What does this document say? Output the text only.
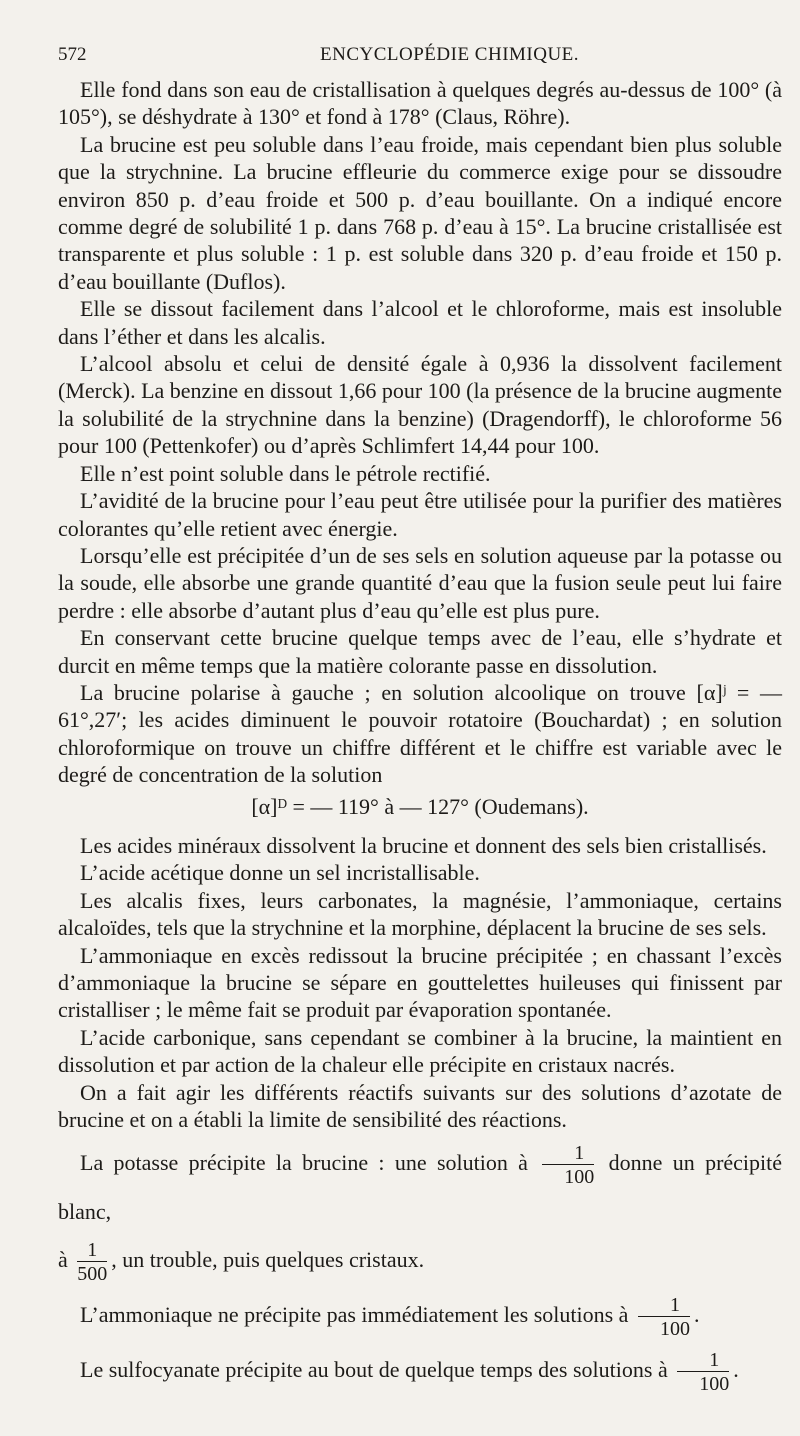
572	ENCYCLOPÉDIE CHIMIQUE.

Elle fond dans son eau de cristallisation à quelques degrés au-dessus de 100° (à 105°), se déshydrate à 130° et fond à 178° (Claus, Röhre).

La brucine est peu soluble dans l’eau froide, mais cependant bien plus soluble que la strychnine. La brucine effleurie du commerce exige pour se dissoudre environ 850 p. d’eau froide et 500 p. d’eau bouillante. On a indiqué encore comme degré de solubilité 1 p. dans 768 p. d’eau à 15°. La brucine cristallisée est transparente et plus soluble : 1 p. est soluble dans 320 p. d’eau froide et 150 p. d’eau bouillante (Duflos).

Elle se dissout facilement dans l’alcool et le chloroforme, mais est insoluble dans l’éther et dans les alcalis.

L’alcool absolu et celui de densité égale à 0,936 la dissolvent facilement (Merck). La benzine en dissout 1,66 pour 100 (la présence de la brucine augmente la solubilité de la strychnine dans la benzine) (Dragendorff), le chloroforme 56 pour 100 (Pettenkofer) ou d’après Schlimfert 14,44 pour 100.

Elle n’est point soluble dans le pétrole rectifié.

L’avidité de la brucine pour l’eau peut être utilisée pour la purifier des matières colorantes qu’elle retient avec énergie.

Lorsqu’elle est précipitée d’un de ses sels en solution aqueuse par la potasse ou la soude, elle absorbe une grande quantité d’eau que la fusion seule peut lui faire perdre : elle absorbe d’autant plus d’eau qu’elle est plus pure.

En conservant cette brucine quelque temps avec de l’eau, elle s’hydrate et durcit en même temps que la matière colorante passe en dissolution.

La brucine polarise à gauche ; en solution alcoolique on trouve [α]ʲ = — 61°,27′; les acides diminuent le pouvoir rotatoire (Bouchardat) ; en solution chloroformique on trouve un chiffre différent et le chiffre est variable avec le degré de concentration de la solution

[α]ᴰ = — 119° à — 127° (Oudemans).

Les acides minéraux dissolvent la brucine et donnent des sels bien cristallisés.

L’acide acétique donne un sel incristallisable.

Les alcalis fixes, leurs carbonates, la magnésie, l’ammoniaque, certains alcaloïdes, tels que la strychnine et la morphine, déplacent la brucine de ses sels.

L’ammoniaque en excès redissout la brucine précipitée ; en chassant l’excès d’ammoniaque la brucine se sépare en gouttelettes huileuses qui finissent par cristalliser ; le même fait se produit par évaporation spontanée.

L’acide carbonique, sans cependant se combiner à la brucine, la maintient en dissolution et par action de la chaleur elle précipite en cristaux nacrés.

On a fait agir les différents réactifs suivants sur des solutions d’azotate de brucine et on a établi la limite de sensibilité des réactions.

La potasse précipite la brucine : une solution à $\frac{1}{100}$ donne un précipité blanc,

à $\frac{1}{500}$ , un trouble, puis quelques cristaux.

L’ammoniaque ne précipite pas immédiatement les solutions à $\frac{1}{100}$ .

Le sulfocyanate précipite au bout de quelque temps des solutions à $\frac{1}{100}$ .
